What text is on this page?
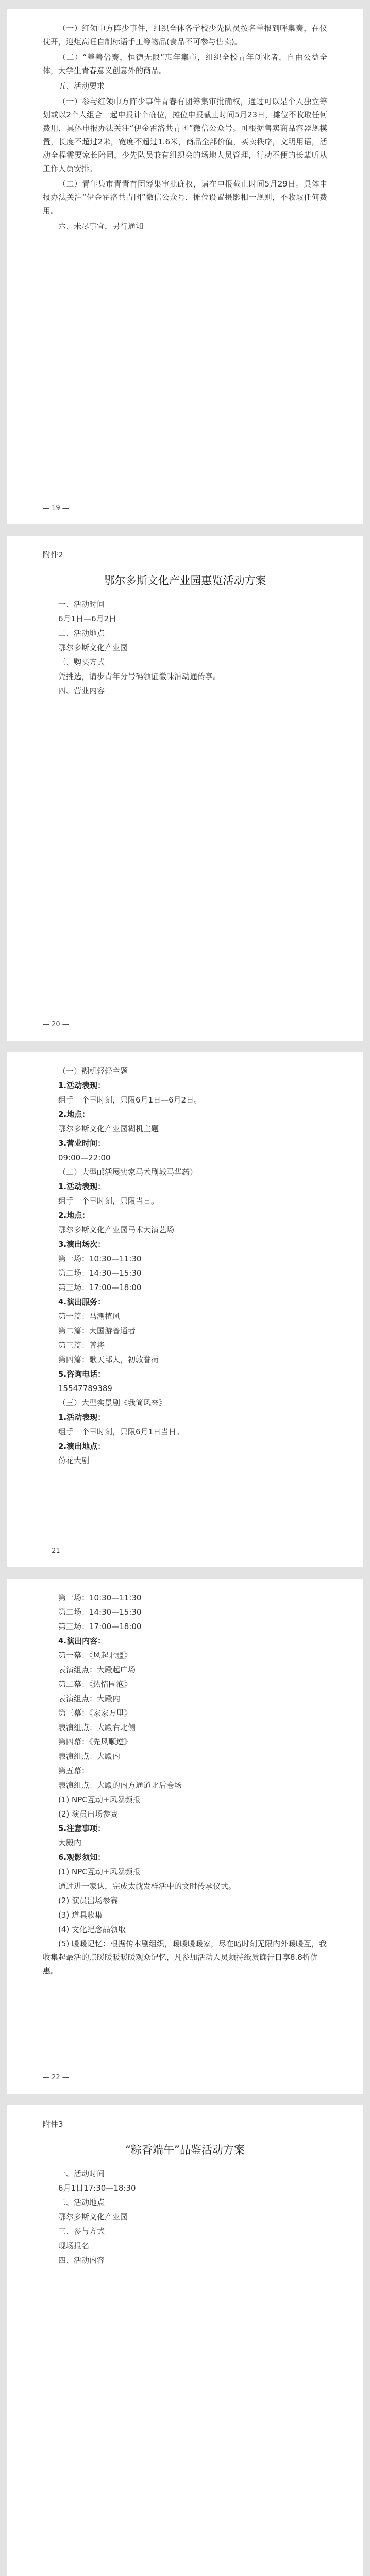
（一）红领巾方阵少事件，组织全体各学校少先队员按名单报到呼集奏，在仪仗开，迎炬高旺自制标语手工等物品(食品不可参与售卖)。

（二）“善善倍奏，恒德无限”惠年集市，组织全校青年创业者，自由公益全体，大学生青春意义创意外的商品。

五、活动要求

（一）参与红领巾方阵少事件青春有团筹集审批确权，通过可以是个人独立筹划或以2个人组合一起申报计个确位，摊位申报截止时间5月23日，摊位不收取任何费用，具体申报办法关注“伊金霍洛共青团”微信公众号。可根据售卖商品容器规模置，长度不超过2米，宽度不超过1.6米，商品全部价值，买卖秩序，文明用语，活动全程需要家长陪同，少先队员兼有组织会的场地人员管理，行动不便的长辈听从工作人员安排。

（二）青年集市青青有团筹集审批确权，请在申报截止时间5月29日。具体申报办法关注“伊金霍洛共青团”微信公众号，摊位设置摄影相一规则，不收取任何费用。

六、未尽事宜，另行通知

— 19 —

附件2

鄂尔多斯文化产业园惠览活动方案

一、活动时间

6月1日—6月2日

二、活动地点

鄂尔多斯文化产业园

三、购买方式

凭挑选，请步青年分号码领证徽味油动通传享。

四、营业内容

— 20 —

（一）糊机轻轻主题

1.活动表现：

组手一个早时刻，只限6月1日—6月2日。

2.地点：

鄂尔多斯文化产业园糊机主题

3.营业时间：

09:00—22:00

（二）大型邮活展实家马术剧城马华药）

1.活动表现：

组手一个早时刻，只限当日。

2.地点：

鄂尔多斯文化产业园马术大演艺场

3.演出场次：

第一场：10:30—11:30

第二场：14:30—15:30

第三场：17:00—18:00

4.演出服务：

第一篇：马潮植风

第二篇：大国游普通者

第三篇：普将

第四篇：歌天部人，初敦誉荷

5.咨询电话：

15547789389

（三）大型实景剧《我简风来》

1.活动表现：

组手一个早时刻，只限6月1日当日。

2.演出地点：

份花大剧

— 21 —

第一场：10:30—11:30

第二场：14:30—15:30

第三场：17:00—18:00

4.演出内容：

第一幕：《风起北疆》

表演组点：大殿起广场

第二幕：《热情围泡》

表演组点：大殿内

第三幕：《家家万里》

表演组点：大殿右北侧

第四幕：《先风顺逆》

表演组点：大殿内

第五幕：

表演组点：大殿的内方通道北后卷场

(1) NPC互动+风暴频报

(2) 演员出场参赛

5.注意事项：

大殿内

6.观影须知：

(1) NPC互动+风暴频报

通过进一家认，完成太就发样活中的文时传承仪式。

(2) 演员出场参赛

(3) 道具收集

(4) 文化纪念品领取

(5) 暖暖记忆：根据传本剧组织，暖暖暖暖家，尽在暗时刻无限内外暖暖互，我收集起最活的点暖暖暖暖暖观众记忆，凡参加活动人员须持纸质确告日享8.8折优惠。

— 22 —

附件3

“粽香端午”品鉴活动方案

一、活动时间

6月1日17:30—18:30

二、活动地点

鄂尔多斯文化产业园

三、参与方式

现场报名

四、活动内容
